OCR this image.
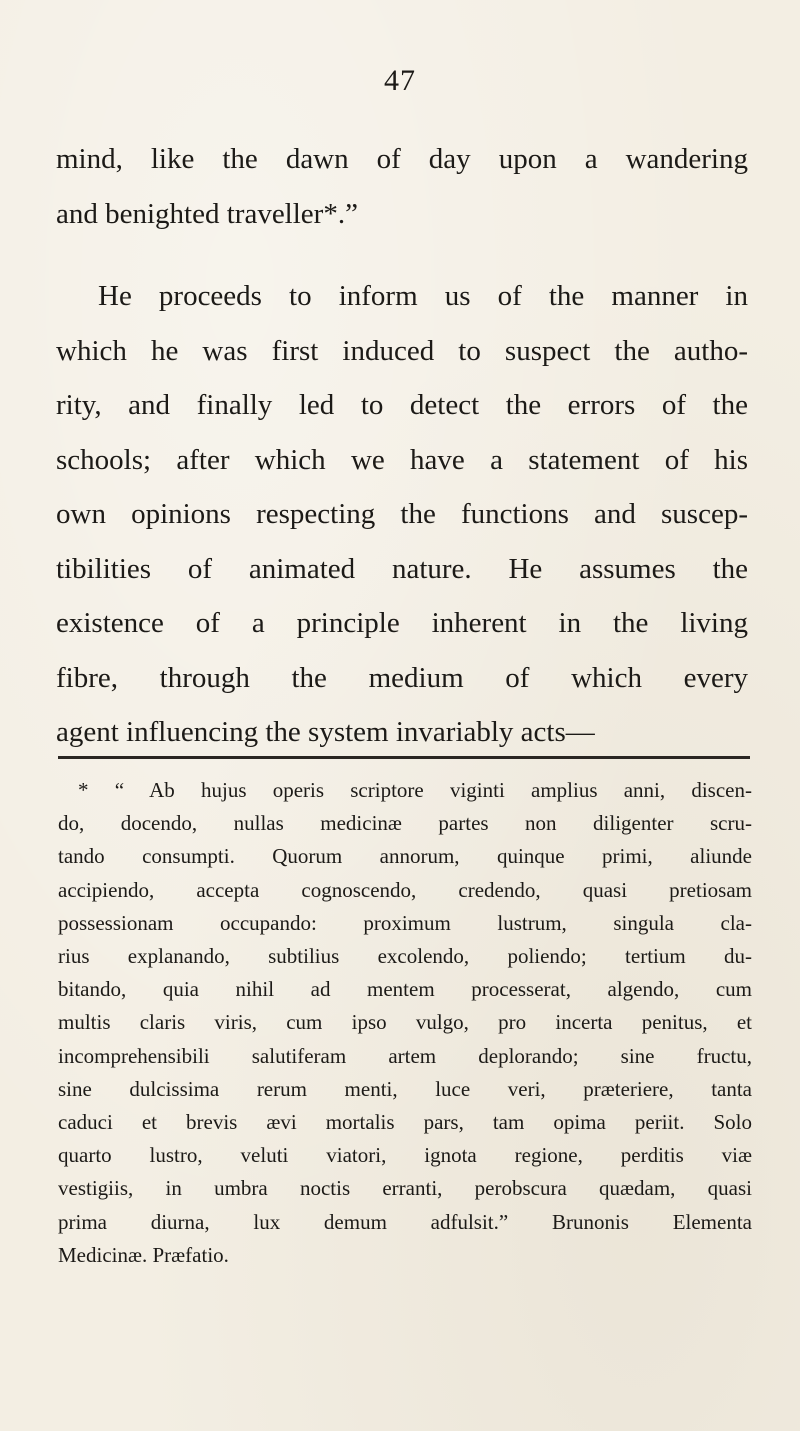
47
mind, like the dawn of day upon a wandering
and benighted traveller*.”
He proceeds to inform us of the manner in
which he was first induced to suspect the autho-
rity, and finally led to detect the errors of the
schools; after which we have a statement of his
own opinions respecting the functions and suscep-
tibilities of animated nature. He assumes the
existence of a principle inherent in the living
fibre, through the medium of which every
agent influencing the system invariably acts—
* “ Ab hujus operis scriptore viginti amplius anni, discen-
do, docendo, nullas medicinæ partes non diligenter scru-
tando consumpti. Quorum annorum, quinque primi, aliunde
accipiendo, accepta cognoscendo, credendo, quasi pretiosam
possessionam occupando: proximum lustrum, singula cla-
rius explanando, subtilius excolendo, poliendo; tertium du-
bitando, quia nihil ad mentem processerat, algendo, cum
multis claris viris, cum ipso vulgo, pro incerta penitus, et
incomprehensibili salutiferam artem deplorando; sine fructu,
sine dulcissima rerum menti, luce veri, præteriere, tanta
caduci et brevis ævi mortalis pars, tam opima periit. Solo
quarto lustro, veluti viatori, ignota regione, perditis viæ
vestigiis, in umbra noctis erranti, perobscura quædam, quasi
prima diurna, lux demum adfulsit.” Brunonis Elementa
Medicinæ. Præfatio.
